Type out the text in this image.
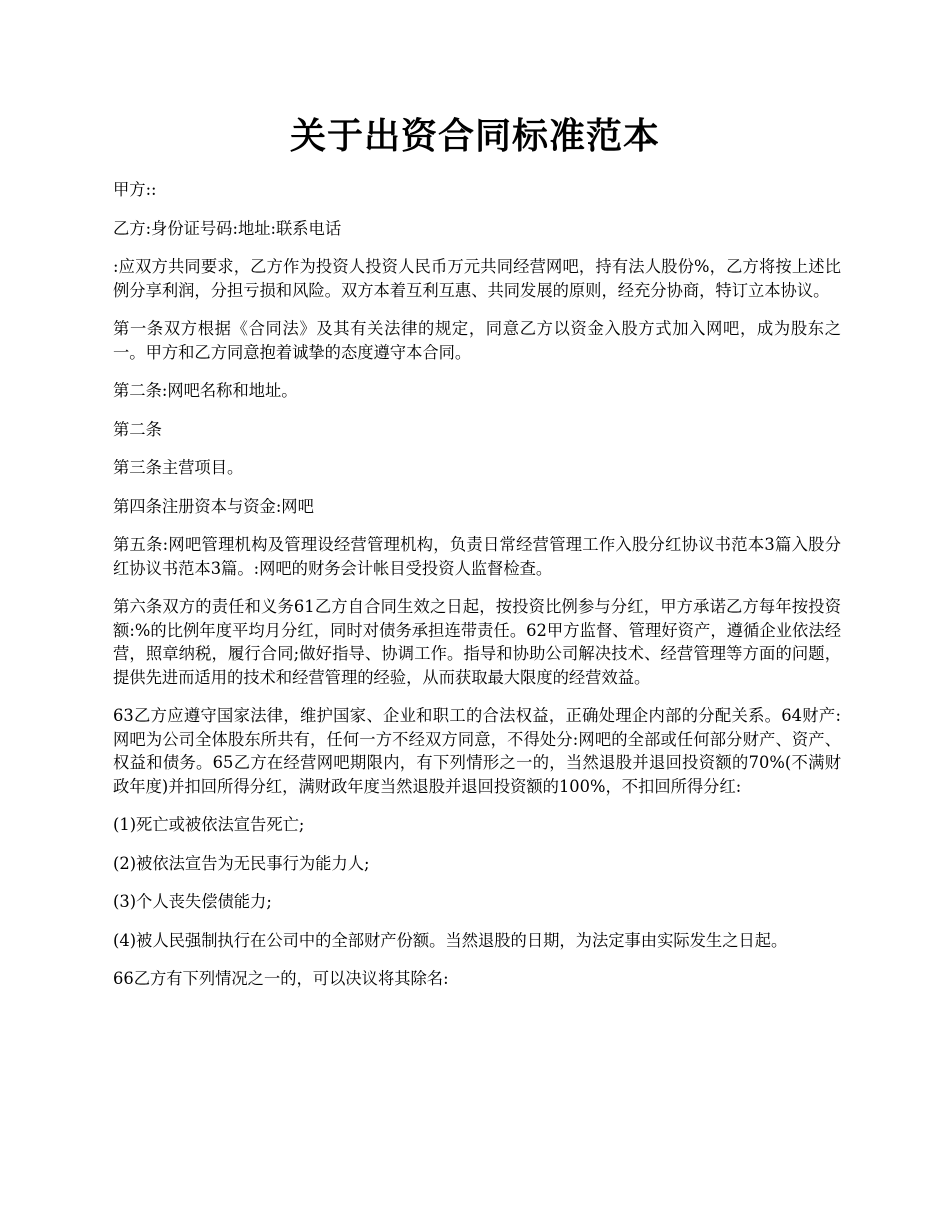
关于出资合同标准范本

甲方::

乙方:身份证号码:地址:联系电话

:应双方共同要求，乙方作为投资人投资人民币万元共同经营网吧，持有法人股份%，乙方将按上述比例分享利润，分担亏损和风险。双方本着互利互惠、共同发展的原则，经充分协商，特订立本协议。

第一条双方根据《合同法》及其有关法律的规定，同意乙方以资金入股方式加入网吧，成为股东之一。甲方和乙方同意抱着诚挚的态度遵守本合同。

第二条:网吧名称和地址。

第二条

第三条主营项目。

第四条注册资本与资金:网吧

第五条:网吧管理机构及管理设经营管理机构，负责日常经营管理工作入股分红协议书范本3篇入股分红协议书范本3篇。:网吧的财务会计帐目受投资人监督检查。

第六条双方的责任和义务61乙方自合同生效之日起，按投资比例参与分红，甲方承诺乙方每年按投资额:%的比例年度平均月分红，同时对债务承担连带责任。62甲方监督、管理好资产，遵循企业依法经营，照章纳税，履行合同;做好指导、协调工作。指导和协助公司解决技术、经营管理等方面的问题，提供先进而适用的技术和经营管理的经验，从而获取最大限度的经营效益。

63乙方应遵守国家法律，维护国家、企业和职工的合法权益，正确处理企内部的分配关系。64财产:网吧为公司全体股东所共有，任何一方不经双方同意，不得处分:网吧的全部或任何部分财产、资产、权益和债务。65乙方在经营网吧期限内，有下列情形之一的，当然退股并退回投资额的70%(不满财政年度)并扣回所得分红，满财政年度当然退股并退回投资额的100%，不扣回所得分红:

(1)死亡或被依法宣告死亡;

(2)被依法宣告为无民事行为能力人;

(3)个人丧失偿债能力;

(4)被人民强制执行在公司中的全部财产份额。当然退股的日期，为法定事由实际发生之日起。

66乙方有下列情况之一的，可以决议将其除名:
